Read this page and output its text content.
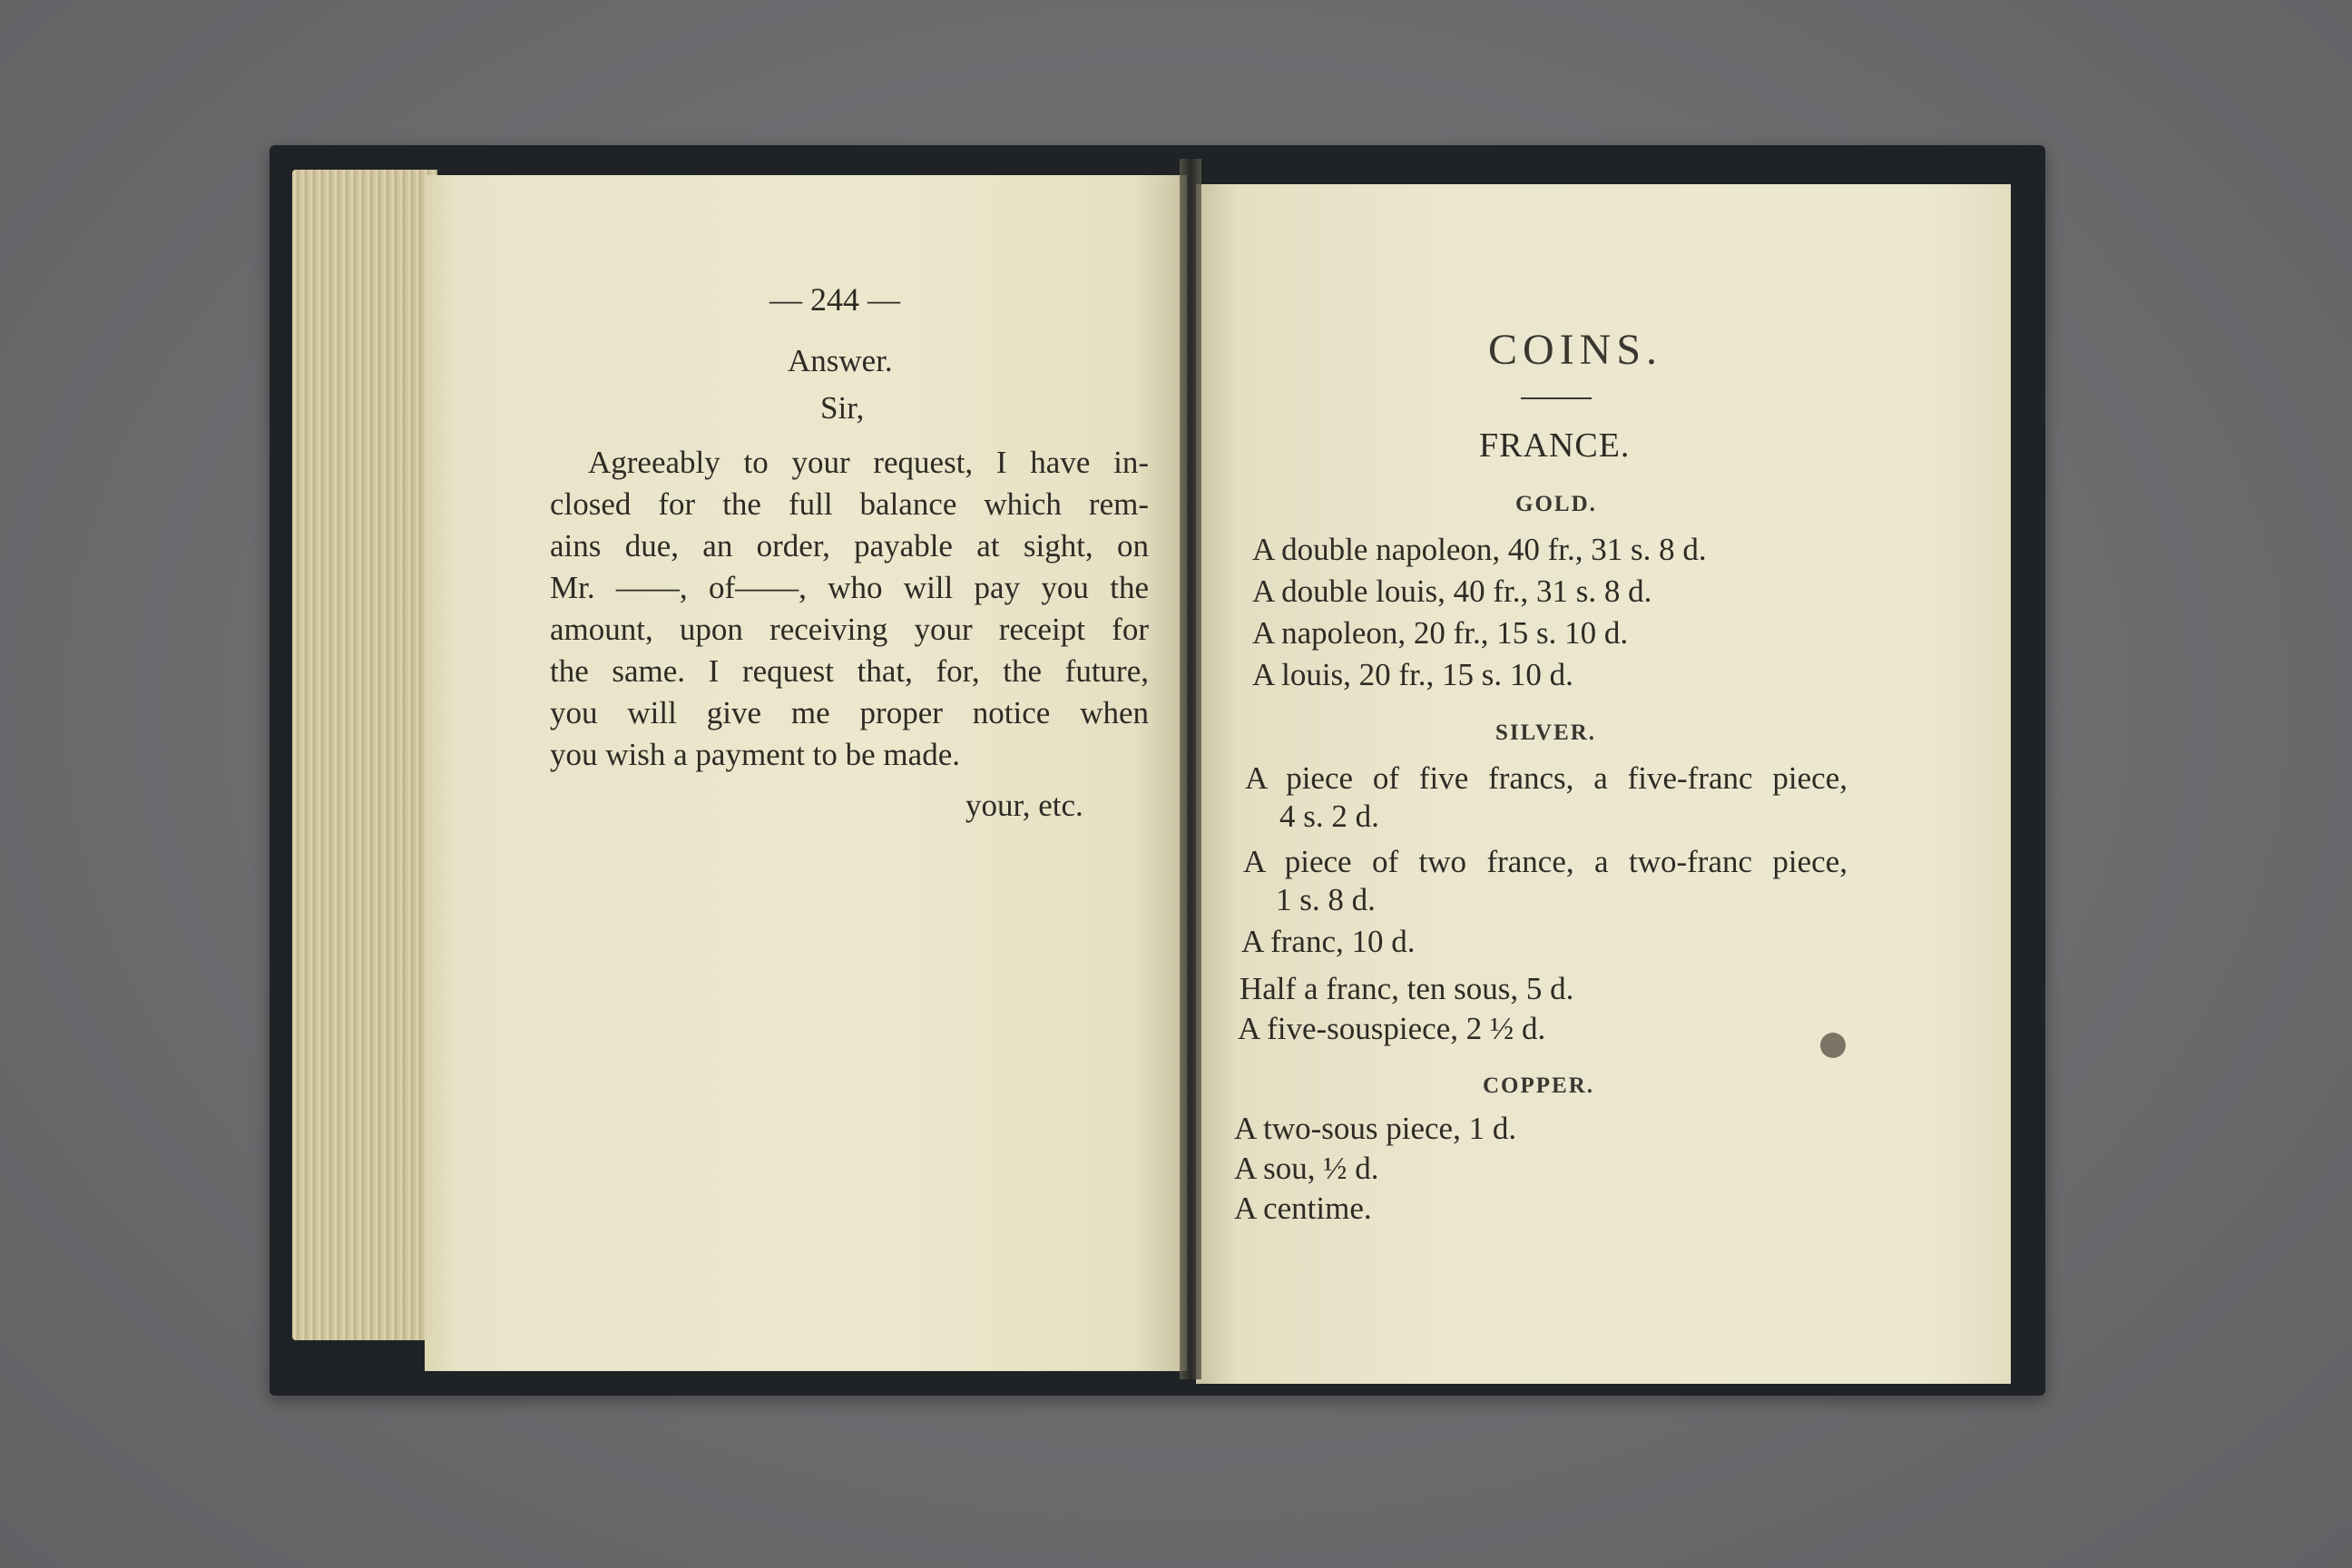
— 244 —
Answer.
Sir,
Agreeably to your request, I have in-
closed for the full balance which rem-
ains due, an order, payable at sight, on
Mr. ——, of——, who will pay you the
amount, upon receiving your receipt for
the same. I request that, for, the future,
you will give me proper notice when
you wish a payment to be made.
your, etc.
COINS.
FRANCE.
GOLD.
A double napoleon, 40 fr., 31 s. 8 d.
A double louis, 40 fr., 31 s. 8 d.
A napoleon, 20 fr., 15 s. 10 d.
A louis, 20 fr., 15 s. 10 d.
SILVER.
A piece of five francs, a five-franc piece,
4 s. 2 d.
A piece of two france, a two-franc piece,
1 s. 8 d.
A franc, 10 d.
Half a franc, ten sous, 5 d.
A five-souspiece, 2 ½ d.
COPPER.
A two-sous piece, 1 d.
A sou, ½ d.
A centime.
